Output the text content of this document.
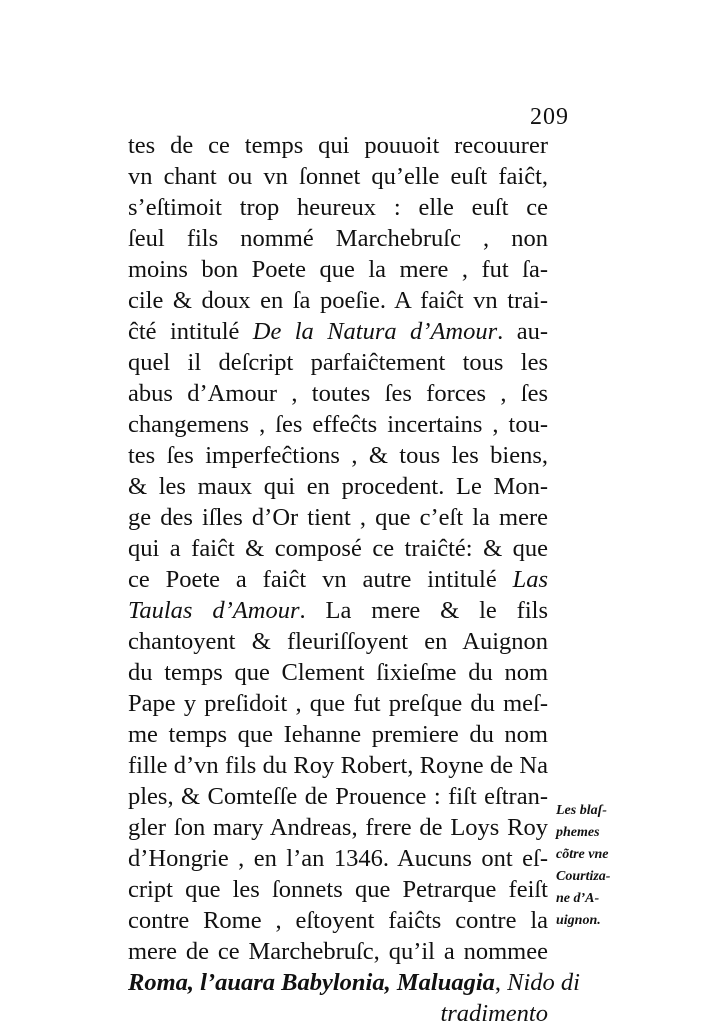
209
tes de ce temps qui pouuoit recouurer
vn chant ou vn ſonnet qu’elle euſt faiĉt,
s’eſtimoit trop heureux : elle euſt ce
ſeul fils nommé Marchebruſc , non
moins bon Poete que la mere , fut ſa-
cile & doux en ſa poeſie. A faiĉt vn trai-
ĉté intitulé De la Natura d’Amour. au-
quel il deſcript parfaiĉtement tous les
abus d’Amour , toutes ſes forces , ſes
changemens , ſes effeĉts incertains , tou-
tes ſes imperfeĉtions , & tous les biens,
& les maux qui en procedent. Le Mon-
ge des iſles d’Or tient , que c’eſt la mere
qui a faiĉt & composé ce traiĉté: & que
ce Poete a faiĉt vn autre intitulé Las
Taulas d’Amour. La mere & le fils
chantoyent & fleuriſſoyent en Auignon
du temps que Clement ſixieſme du nom
Pape y preſidoit , que fut preſque du meſ-
me temps que Iehanne premiere du nom
fille d’vn fils du Roy Robert, Royne de Na
ples, & Comteſſe de Prouence : fiſt eſtran-
gler ſon mary Andreas, frere de Loys Roy
d’Hongrie , en l’an 1346. Aucuns ont eſ-
cript que les ſonnets que Petrarque feiſt
contre Rome , eſtoyent faiĉts contre la
mere de ce Marchebruſc, qu’il a nommee
Roma, l’auara Babylonia, Maluagia, Nido di
tradimento
Les blaſ-
phemes
cõtre vne
Courtiza-
ne d’A-
uignon.
